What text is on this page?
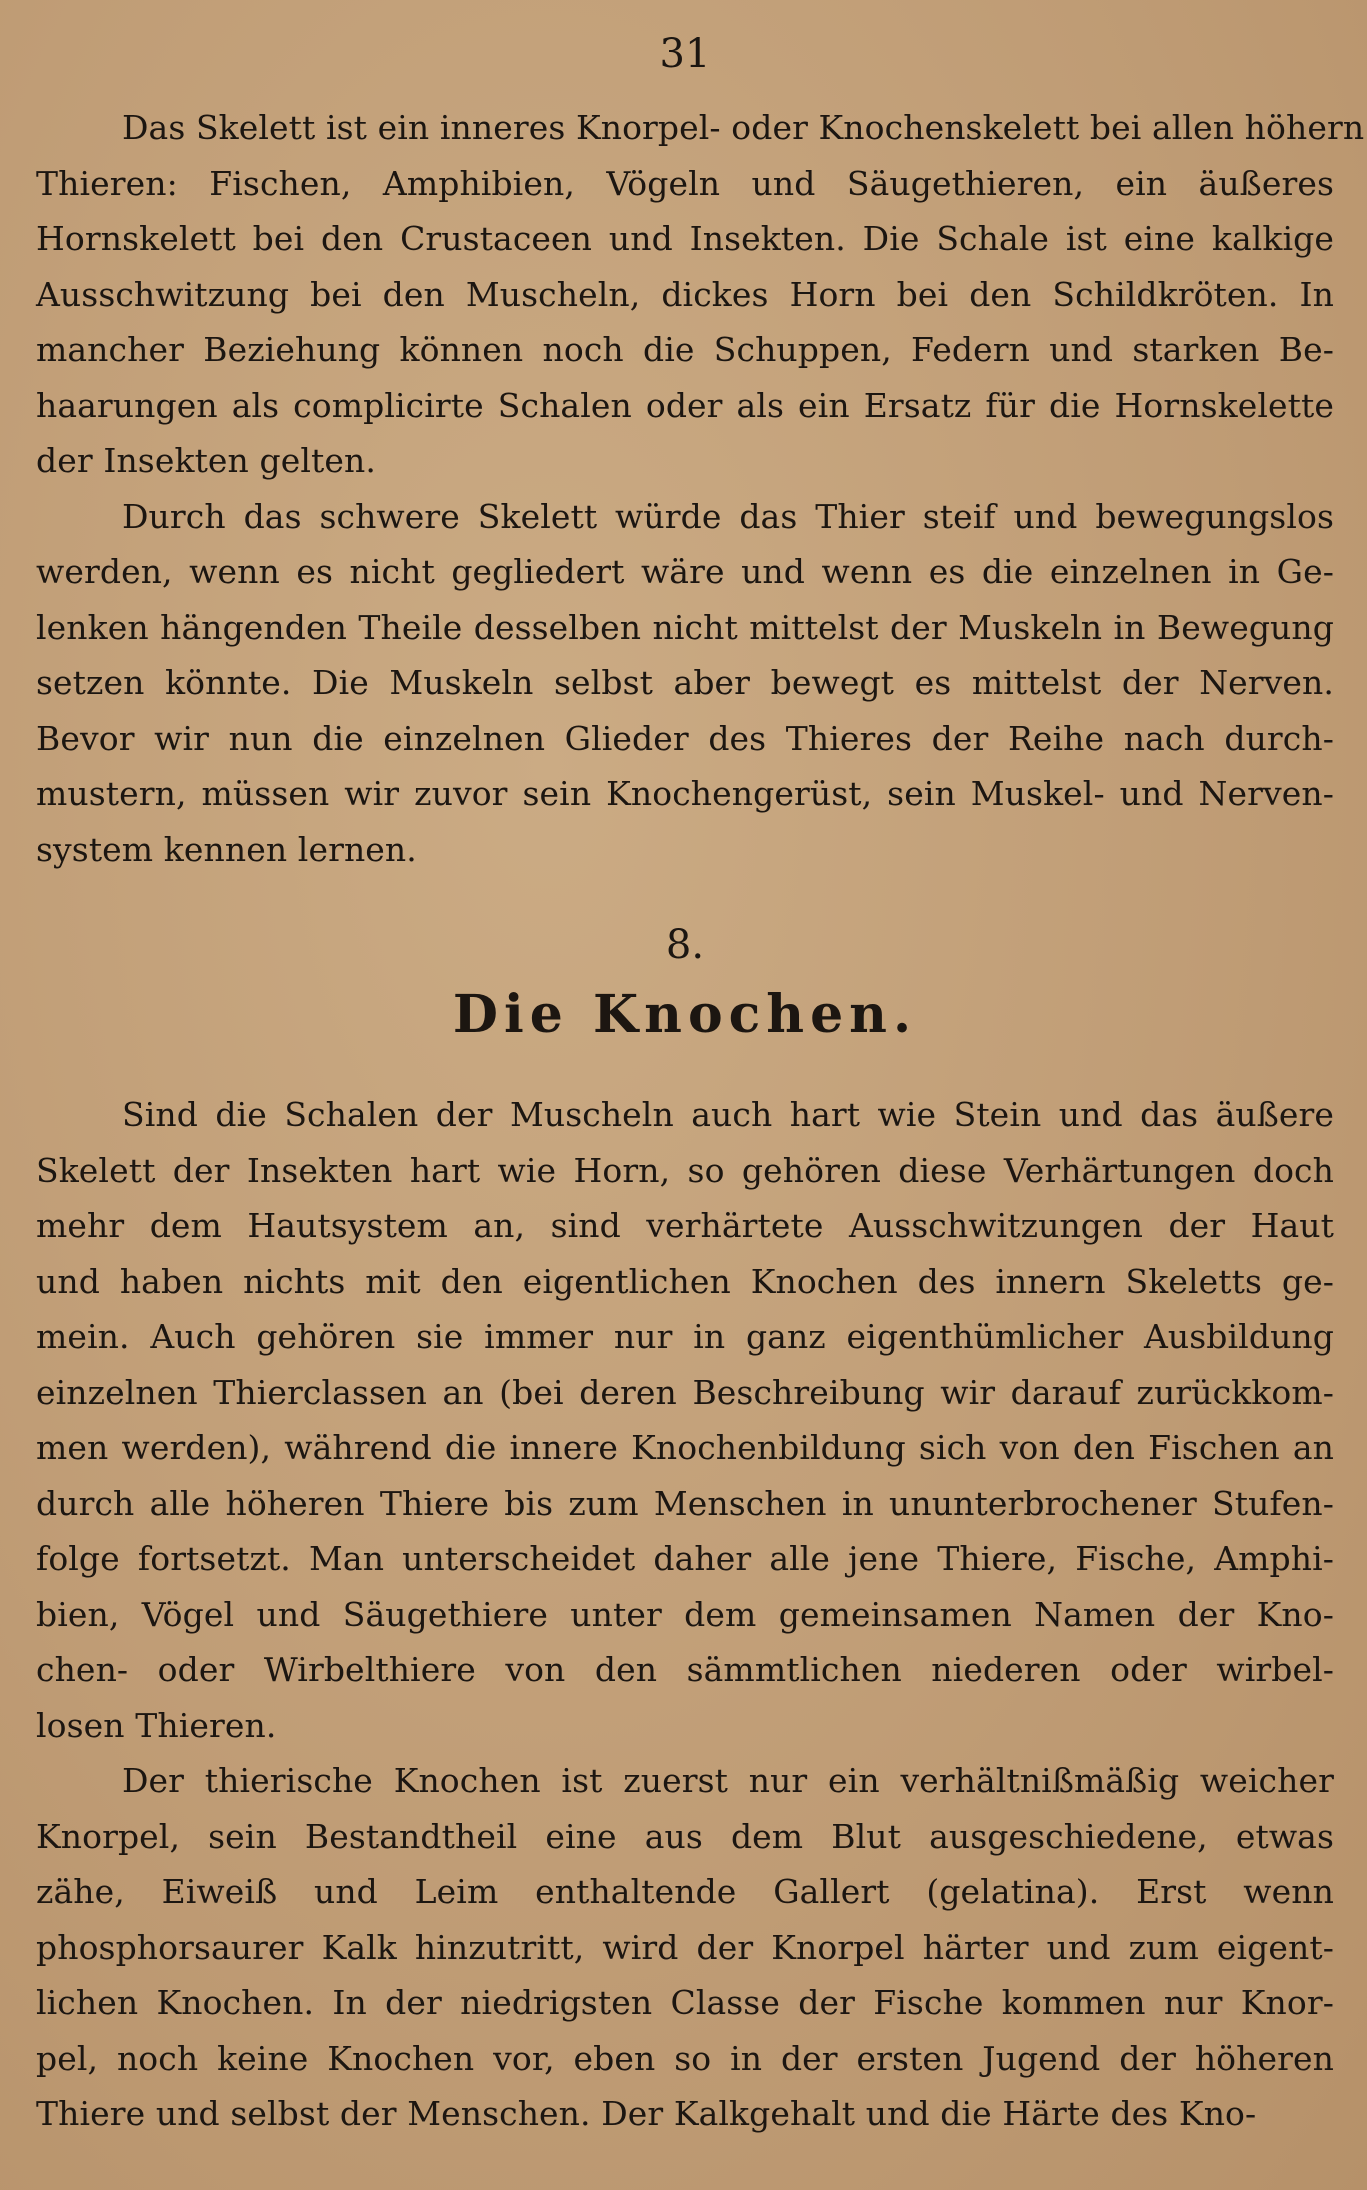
31

Das Skelett ist ein inneres Knorpel- oder Knochenskelett bei allen höhern

Thieren: Fischen, Amphibien, Vögeln und Säugethieren, ein äußeres

Hornskelett bei den Crustaceen und Insekten. Die Schale ist eine kalkige

Ausschwitzung bei den Muscheln, dickes Horn bei den Schildkröten. In

mancher Beziehung können noch die Schuppen, Federn und starken Be-

haarungen als complicirte Schalen oder als ein Ersatz für die Hornskelette

der Insekten gelten.

Durch das schwere Skelett würde das Thier steif und bewegungslos

werden, wenn es nicht gegliedert wäre und wenn es die einzelnen in Ge-

lenken hängenden Theile desselben nicht mittelst der Muskeln in Bewegung

setzen könnte. Die Muskeln selbst aber bewegt es mittelst der Nerven.

Bevor wir nun die einzelnen Glieder des Thieres der Reihe nach durch-

mustern, müssen wir zuvor sein Knochengerüst, sein Muskel- und Nerven-

system kennen lernen.

8.
Die Knochen.

Sind die Schalen der Muscheln auch hart wie Stein und das äußere

Skelett der Insekten hart wie Horn, so gehören diese Verhärtungen doch

mehr dem Hautsystem an, sind verhärtete Ausschwitzungen der Haut

und haben nichts mit den eigentlichen Knochen des innern Skeletts ge-

mein. Auch gehören sie immer nur in ganz eigenthümlicher Ausbildung

einzelnen Thierclassen an (bei deren Beschreibung wir darauf zurückkom-

men werden), während die innere Knochenbildung sich von den Fischen an

durch alle höheren Thiere bis zum Menschen in ununterbrochener Stufen-

folge fortsetzt. Man unterscheidet daher alle jene Thiere, Fische, Amphi-

bien, Vögel und Säugethiere unter dem gemeinsamen Namen der Kno-

chen- oder Wirbelthiere von den sämmtlichen niederen oder wirbel-

losen Thieren.

Der thierische Knochen ist zuerst nur ein verhältnißmäßig weicher

Knorpel, sein Bestandtheil eine aus dem Blut ausgeschiedene, etwas

zähe, Eiweiß und Leim enthaltende Gallert (gelatina). Erst wenn

phosphorsaurer Kalk hinzutritt, wird der Knorpel härter und zum eigent-

lichen Knochen. In der niedrigsten Classe der Fische kommen nur Knor-

pel, noch keine Knochen vor, eben so in der ersten Jugend der höheren

Thiere und selbst der Menschen. Der Kalkgehalt und die Härte des Kno-
